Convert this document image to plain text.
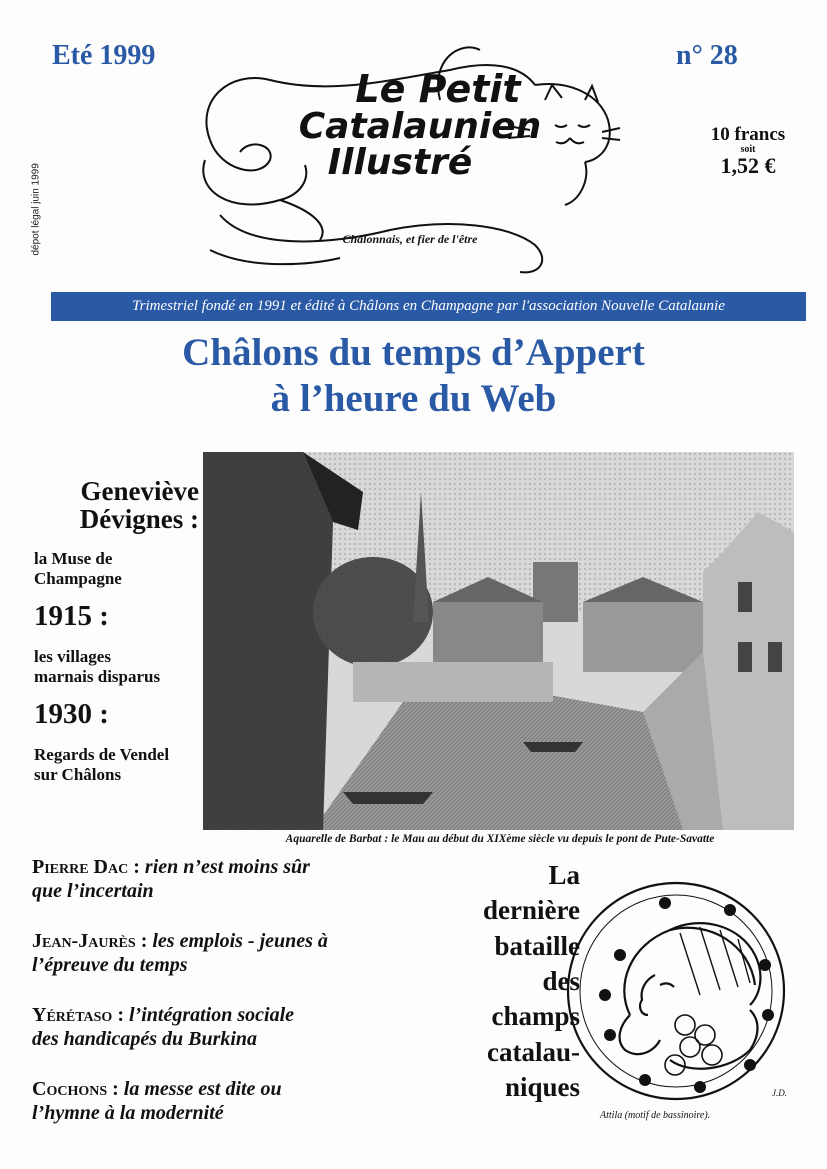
Eté 1999	n° 28
10 francs
soit
1,52 €
dépot légal juin 1999
Le Petit
Catalaunien
Illustré
Châlonnais, et fier de l'être
Trimestriel fondé en 1991 et édité à Châlons en Champagne par l'association Nouvelle Catalaunie
Châlons du temps d’Appert
à l’heure du Web
Aquarelle de Barbat : le Mau au début du XIXème siècle vu depuis le pont de Pute-Savatte
Geneviève
Dévignes :
la Muse de
Champagne
1915 :
les villages
marnais disparus
1930 :
Regards de Vendel
sur Châlons
Pierre Dac : rien n’est moins sûr
que l’incertain
Jean-Jaurès : les emplois - jeunes à
l’épreuve du temps
Yérétaso : l’intégration sociale
des handicapés du Burkina
Cochons : la messe est dite ou
l’hymne à la modernité
La
dernière
bataille
des
champs
catalau-
niques	J.D.
Attila (motif de bassinoire).
